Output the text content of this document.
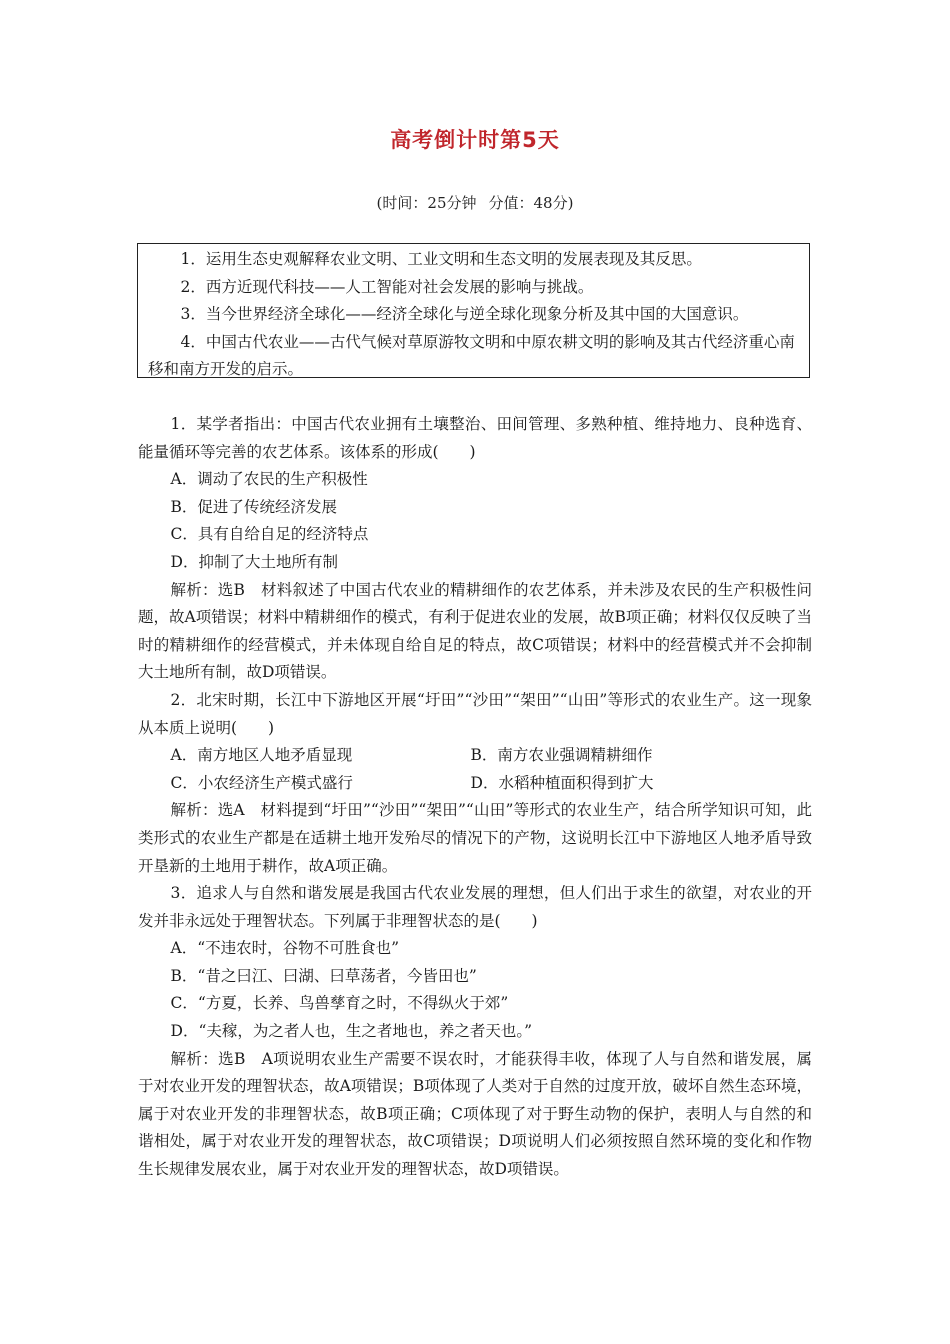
高考倒计时第5天
(时间：25分钟 分值：48分)
1．运用生态史观解释农业文明、工业文明和生态文明的发展表现及其反思。
2．西方近现代科技——人工智能对社会发展的影响与挑战。
3．当今世界经济全球化——经济全球化与逆全球化现象分析及其中国的大国意识。
4．中国古代农业——古代气候对草原游牧文明和中原农耕文明的影响及其古代经济重心南移和南方开发的启示。
1．某学者指出：中国古代农业拥有土壤整治、田间管理、多熟种植、维持地力、良种选育、能量循环等完善的农艺体系。该体系的形成(　　)
A．调动了农民的生产积极性
B．促进了传统经济发展
C．具有自给自足的经济特点
D．抑制了大土地所有制
解析：选B　材料叙述了中国古代农业的精耕细作的农艺体系，并未涉及农民的生产积极性问题，故A项错误；材料中精耕细作的模式，有利于促进农业的发展，故B项正确；材料仅仅反映了当时的精耕细作的经营模式，并未体现自给自足的特点，故C项错误；材料中的经营模式并不会抑制大土地所有制，故D项错误。
2．北宋时期，长江中下游地区开展“圩田”“沙田”“架田”“山田”等形式的农业生产。这一现象从本质上说明(　　)
A．南方地区人地矛盾显现	B．南方农业强调精耕细作
C．小农经济生产模式盛行	D．水稻种植面积得到扩大
解析：选A　材料提到“圩田”“沙田”“架田”“山田”等形式的农业生产，结合所学知识可知，此类形式的农业生产都是在适耕土地开发殆尽的情况下的产物，这说明长江中下游地区人地矛盾导致开垦新的土地用于耕作，故A项正确。
3．追求人与自然和谐发展是我国古代农业发展的理想，但人们出于求生的欲望，对农业的开发并非永远处于理智状态。下列属于非理智状态的是(　　)
A．“不违农时，谷物不可胜食也”
B．“昔之曰江、曰湖、曰草荡者，今皆田也”
C．“方夏，长养、鸟兽孳育之时，不得纵火于郊”
D．“夫稼，为之者人也，生之者地也，养之者天也。”
解析：选B　A项说明农业生产需要不误农时，才能获得丰收，体现了人与自然和谐发展，属于对农业开发的理智状态，故A项错误；B项体现了人类对于自然的过度开放，破坏自然生态环境，属于对农业开发的非理智状态，故B项正确；C项体现了对于野生动物的保护，表明人与自然的和谐相处，属于对农业开发的理智状态，故C项错误；D项说明人们必须按照自然环境的变化和作物生长规律发展农业，属于对农业开发的理智状态，故D项错误。
